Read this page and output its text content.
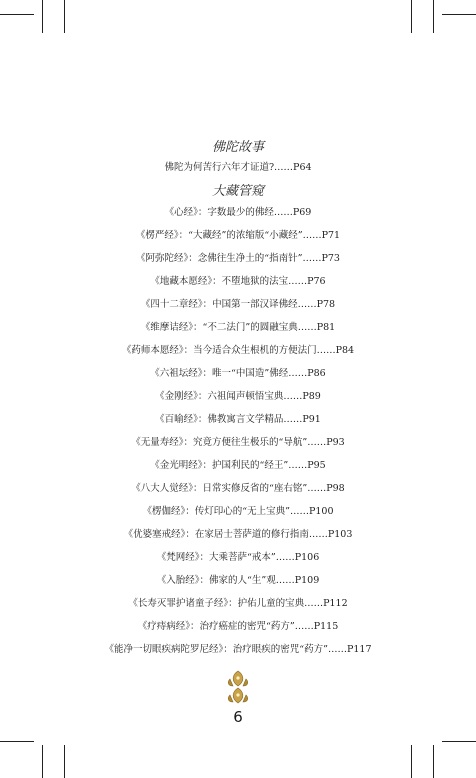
佛陀故事
佛陀为何苦行六年才证道?……P64
大藏管窥
《心经》：字数最少的佛经……P69
《楞严经》：“大藏经”的浓缩版“小藏经”……P71
《阿弥陀经》：念佛往生净土的“指南针”……P73
《地藏本愿经》：不堕地狱的法宝……P76
《四十二章经》：中国第一部汉译佛经……P78
《维摩诘经》：“不二法门”的圆融宝典……P81
《药师本愿经》：当今适合众生根机的方便法门……P84
《六祖坛经》：唯一“中国造”佛经……P86
《金刚经》：六祖闻声顿悟宝典……P89
《百喻经》：佛教寓言文学精品……P91
《无量寿经》：究竟方便往生极乐的“导航”……P93
《金光明经》：护国利民的“经王”……P95
《八大人觉经》：日常实修反省的“座右铭”……P98
《楞伽经》：传灯印心的“无上宝典”……P100
《优婆塞戒经》：在家居士菩萨道的修行指南……P103
《梵网经》：大乘菩萨“戒本”……P106
《入胎经》：佛家的人“生”观……P109
《长寿灭罪护诸童子经》：护佑儿童的宝典……P112
《疗痔病经》：治疗癌症的密咒“药方”……P115
《能净一切眼疾病陀罗尼经》：治疗眼疾的密咒“药方”……P117
6
